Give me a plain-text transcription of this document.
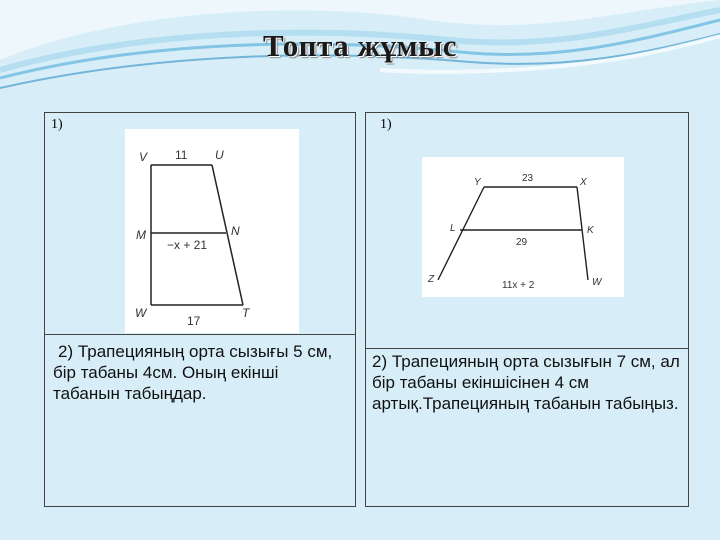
Топта жұмыс
1)
V	U
M	N
W	T
11
−x + 21
17
2) Трапецияның орта сызығы 5 см, бір табаны 4см. Оның екінші табанын табыңдар.
1)
Y	X
L	K
Z	W
23
29
11x + 2
2) Трапецияның орта сызығын 7 см, ал бір табаны екіншісінен 4 см артық.Трапецияның табанын табыңыз.
